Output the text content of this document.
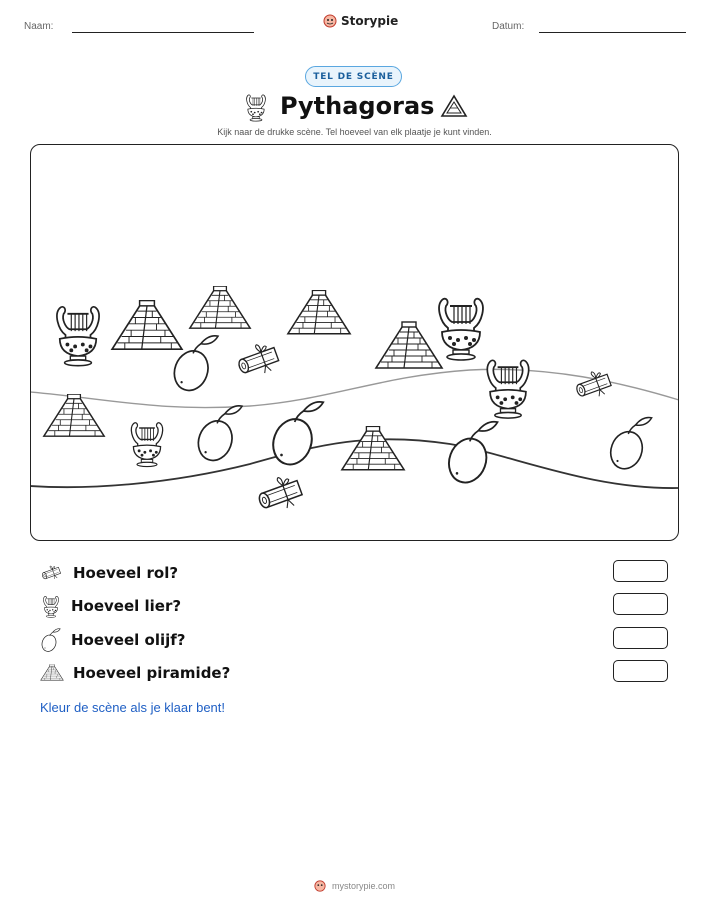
Naam:	Storypie	Datum:
TEL DE SCÈNE
Pythagoras
Kijk naar de drukke scène. Tel hoeveel van elk plaatje je kunt vinden.
Hoeveel rol?
Hoeveel lier?
Hoeveel olijf?
Hoeveel piramide?
Kleur de scène als je klaar bent!
mystorypie.com
